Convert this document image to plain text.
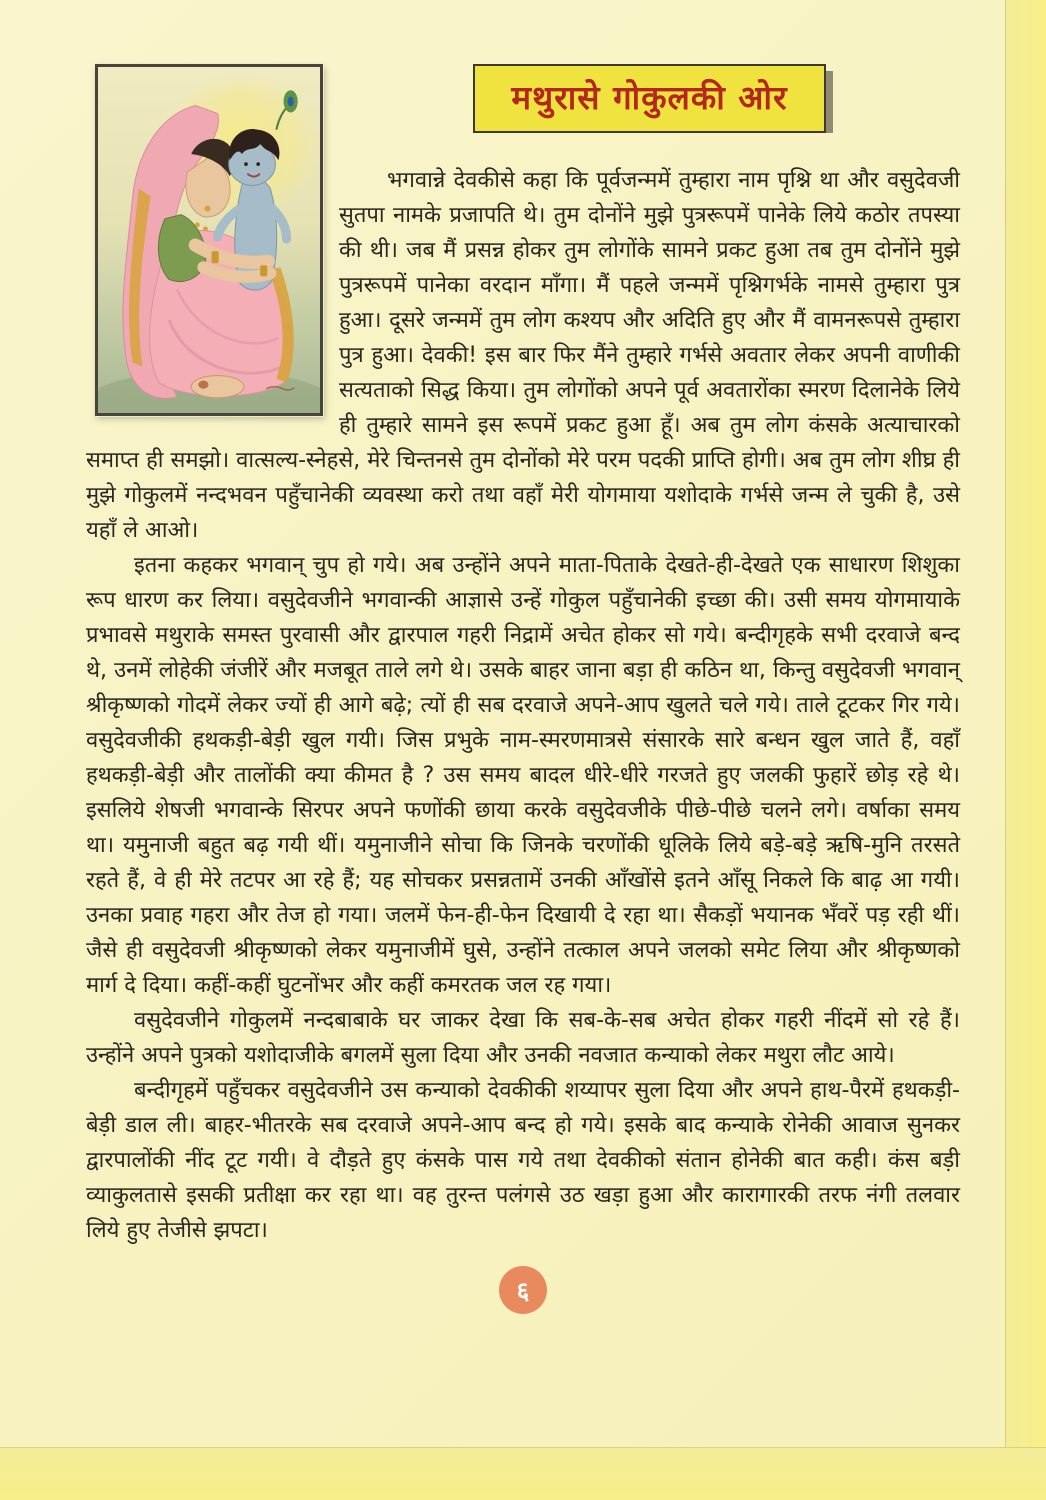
मथुरासे गोकुलकी ओर

भगवान्ने देवकीसे कहा कि पूर्वजन्ममें तुम्हारा नाम पृश्नि था और वसुदेवजी सुतपा नामके प्रजापति थे। तुम दोनोंने मुझे पुत्ररूपमें पानेके लिये कठोर तपस्या की थी। जब मैं प्रसन्न होकर तुम लोगोंके सामने प्रकट हुआ तब तुम दोनोंने मुझे पुत्ररूपमें पानेका वरदान माँगा। मैं पहले जन्ममें पृश्निगर्भके नामसे तुम्हारा पुत्र हुआ। दूसरे जन्ममें तुम लोग कश्यप और अदिति हुए और मैं वामनरूपसे तुम्हारा पुत्र हुआ। देवकी! इस बार फिर मैंने तुम्हारे गर्भसे अवतार लेकर अपनी वाणीकी सत्यताको सिद्ध किया। तुम लोगोंको अपने पूर्व अवतारोंका स्मरण दिलानेके लिये ही तुम्हारे सामने इस रूपमें प्रकट हुआ हूँ। अब तुम लोग कंसके अत्याचारको समाप्त ही समझो। वात्सल्य-स्नेहसे, मेरे चिन्तनसे तुम दोनोंको मेरे परम पदकी प्राप्ति होगी। अब तुम लोग शीघ्र ही मुझे गोकुलमें नन्दभवन पहुँचानेकी व्यवस्था करो तथा वहाँ मेरी योगमाया यशोदाके गर्भसे जन्म ले चुकी है, उसे यहाँ ले आओ।

इतना कहकर भगवान् चुप हो गये। अब उन्होंने अपने माता-पिताके देखते-ही-देखते एक साधारण शिशुका रूप धारण कर लिया। वसुदेवजीने भगवान्की आज्ञासे उन्हें गोकुल पहुँचानेकी इच्छा की। उसी समय योगमायाके प्रभावसे मथुराके समस्त पुरवासी और द्वारपाल गहरी निद्रामें अचेत होकर सो गये। बन्दीगृहके सभी दरवाजे बन्द थे, उनमें लोहेकी जंजीरें और मजबूत ताले लगे थे। उसके बाहर जाना बड़ा ही कठिन था, किन्तु वसुदेवजी भगवान् श्रीकृष्णको गोदमें लेकर ज्यों ही आगे बढ़े; त्यों ही सब दरवाजे अपने-आप खुलते चले गये। ताले टूटकर गिर गये। वसुदेवजीकी हथकड़ी-बेड़ी खुल गयी। जिस प्रभुके नाम-स्मरणमात्रसे संसारके सारे बन्धन खुल जाते हैं, वहाँ हथकड़ी-बेड़ी और तालोंकी क्या कीमत है ? उस समय बादल धीरे-धीरे गरजते हुए जलकी फुहारें छोड़ रहे थे। इसलिये शेषजी भगवान्के सिरपर अपने फणोंकी छाया करके वसुदेवजीके पीछे-पीछे चलने लगे। वर्षाका समय था। यमुनाजी बहुत बढ़ गयी थीं। यमुनाजीने सोचा कि जिनके चरणोंकी धूलिके लिये बड़े-बड़े ऋषि-मुनि तरसते रहते हैं, वे ही मेरे तटपर आ रहे हैं; यह सोचकर प्रसन्नतामें उनकी आँखोंसे इतने आँसू निकले कि बाढ़ आ गयी। उनका प्रवाह गहरा और तेज हो गया। जलमें फेन-ही-फेन दिखायी दे रहा था। सैकड़ों भयानक भँवरें पड़ रही थीं। जैसे ही वसुदेवजी श्रीकृष्णको लेकर यमुनाजीमें घुसे, उन्होंने तत्काल अपने जलको समेट लिया और श्रीकृष्णको मार्ग दे दिया। कहीं-कहीं घुटनोंभर और कहीं कमरतक जल रह गया।

वसुदेवजीने गोकुलमें नन्दबाबाके घर जाकर देखा कि सब-के-सब अचेत होकर गहरी नींदमें सो रहे हैं। उन्होंने अपने पुत्रको यशोदाजीके बगलमें सुला दिया और उनकी नवजात कन्याको लेकर मथुरा लौट आये।

बन्दीगृहमें पहुँचकर वसुदेवजीने उस कन्याको देवकीकी शय्यापर सुला दिया और अपने हाथ-पैरमें हथकड़ी-बेड़ी डाल ली। बाहर-भीतरके सब दरवाजे अपने-आप बन्द हो गये। इसके बाद कन्याके रोनेकी आवाज सुनकर द्वारपालोंकी नींद टूट गयी। वे दौड़ते हुए कंसके पास गये तथा देवकीको संतान होनेकी बात कही। कंस बड़ी व्याकुलतासे इसकी प्रतीक्षा कर रहा था। वह तुरन्त पलंगसे उठ खड़ा हुआ और कारागारकी तरफ नंगी तलवार लिये हुए तेजीसे झपटा।

६
